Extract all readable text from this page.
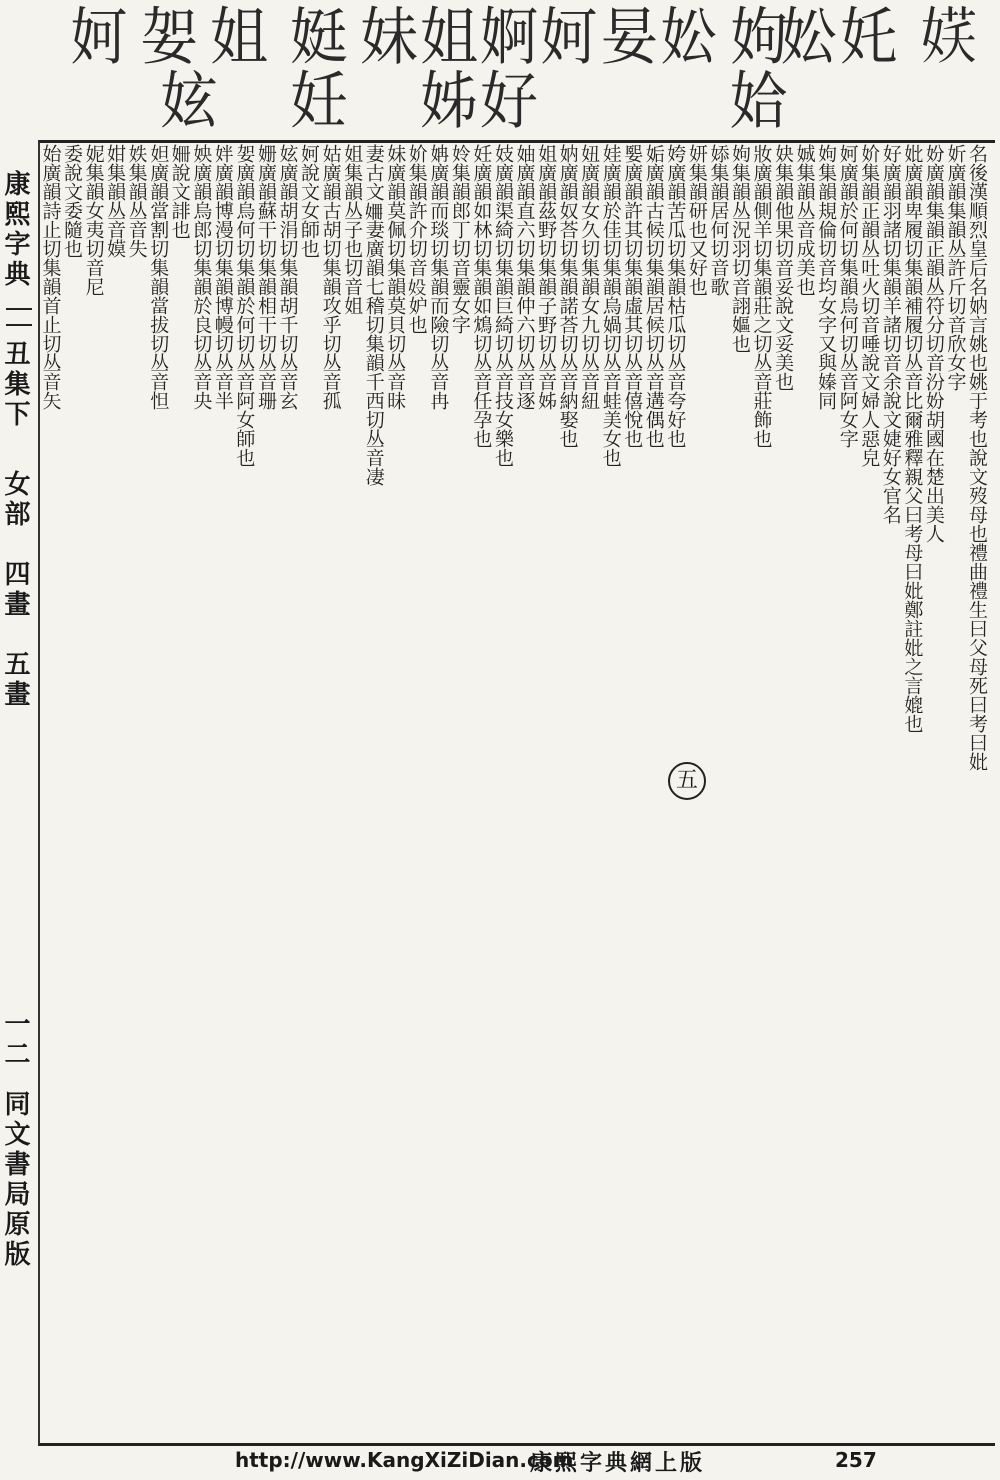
𡝩
奼
妐
姁
妐
妟
妸
婀
姐
妹
娗
姐
妿
妸
姶
好
姊
妊
妶
康熙字典
丑集下
女部
四畫
五畫
一二
同文書局原版
名後漢順烈皇后名妠言姚也姚于考也說文歿母也禮曲禮生曰父母死曰考曰妣
妡廣韻集韻丛許斤切音欣女字
妢廣韻集韻正韻丛符分切音汾妢胡國在楚出美人
妣廣韻卑履切集韻補履切丛音比爾雅釋親父曰考母曰妣鄭註妣之言媲也
好廣韻羽諸切集韻羊諸切音余說文婕好女官名
妎集韻正韻丛吐火切音唾說文婦人惡皃
妸廣韻於何切集韻烏何切丛音阿女字
姁集韻規倫切音均女字又與嫀同
娍集韻丛音成美也
妜集韻他果切音妥說文妥美也
妝廣韻側羊切集韻莊之切丛音莊飾也
姁集韻丛況羽切音詡嫗也
婖集韻居何切音歌
妍集韻研也又好也
姱廣韻苦瓜切集韻枯瓜切丛音夸好也
姤廣韻古候切集韻居候切丛音遘偶也
媐廣韻許其切集韻虛其切丛音僖悅也
娃廣韻於佳切集韻烏媧切丛音蛙美女也
妞廣韻女久切集韻女九切丛音紐
妠廣韻奴荅切集韻諾荅切丛音納娶也
姐廣韻茲野切集韻子野切丛音姊
妯廣韻直六切集韻仲六切丛音逐
妓廣韻渠綺切集韻巨綺切丛音技女樂也
妊廣韻如林切集韻如鴆切丛音任孕也
姈集韻郎丁切音靈女字
姌廣韻而琰切集韻而險切丛音冉
妎集韻許介切音𡚾妒也
妹廣韻莫佩切集韻莫貝切丛音昧
妻古文𡜜妻廣韻七稽切集韻千西切丛音凄
姐集韻丛子也切音姐
姑廣韻古胡切集韻攻乎切丛音孤
妸說文女師也
妶廣韻胡涓切集韻胡千切丛音玄
姗廣韻蘇干切集韻相干切丛音珊
妿廣韻烏何切集韻於何切丛音阿女師也
姅廣韻博漫切集韻博幔切丛音半
姎廣韻烏郎切集韻於良切丛音央
姍說文誹也
妲廣韻當割切集韻當拔切丛音怛
妷集韻丛音失
姏集韻丛音嫫
妮集韻女夷切音尼
委說文委隨也
始廣韻詩止切集韻首止切丛音矢
五
http://www.KangXiZiDian.com
康熙字典網上版	257
